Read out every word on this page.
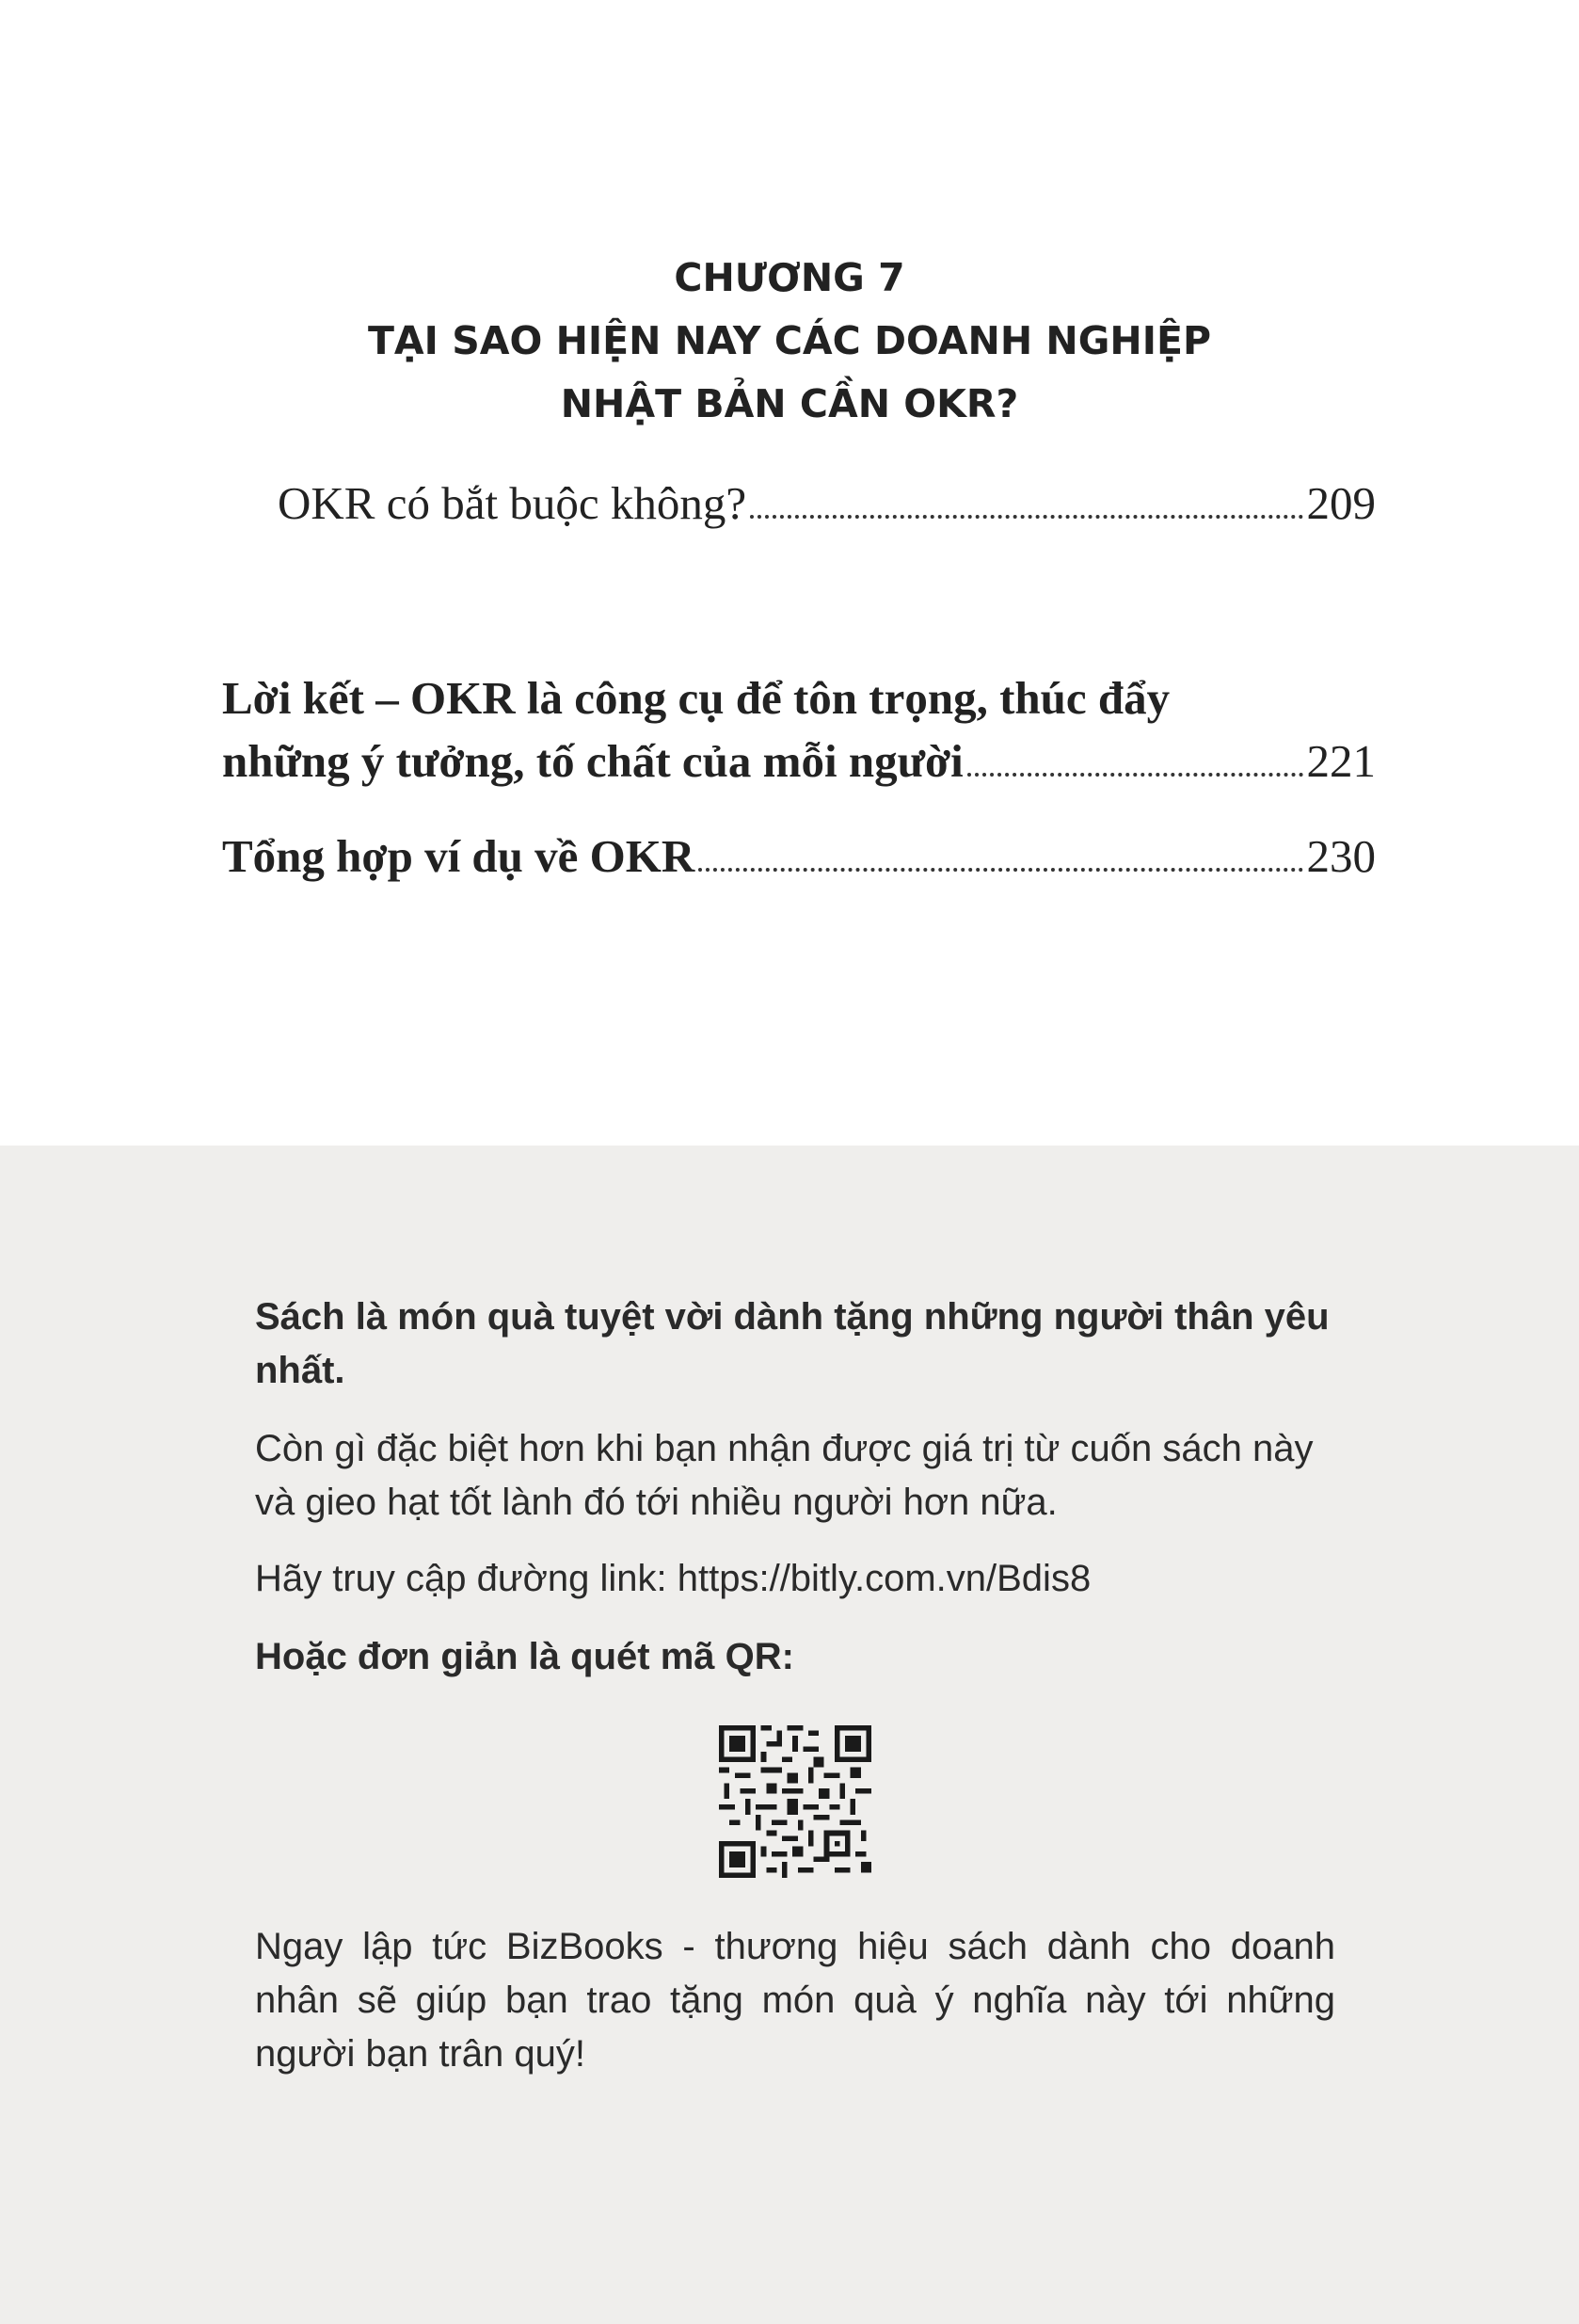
CHƯƠNG 7
TẠI SAO HIỆN NAY CÁC DOANH NGHIỆP
NHẬT BẢN CẦN OKR?
OKR có bắt buộc không?	209
Lời kết – OKR là công cụ để tôn trọng, thúc đẩy
những ý tưởng, tố chất của mỗi người	221
Tổng hợp ví dụ về OKR	230
Sách là món quà tuyệt vời dành tặng những người thân yêu nhất.
Còn gì đặc biệt hơn khi bạn nhận được giá trị từ cuốn sách này và gieo hạt tốt lành đó tới nhiều người hơn nữa.
Hãy truy cập đường link: https://bitly.com.vn/Bdis8
Hoặc đơn giản là quét mã QR:
Ngay lập tức BizBooks - thương hiệu sách dành cho doanh nhân sẽ giúp bạn trao tặng món quà ý nghĩa này tới những người bạn trân quý!
